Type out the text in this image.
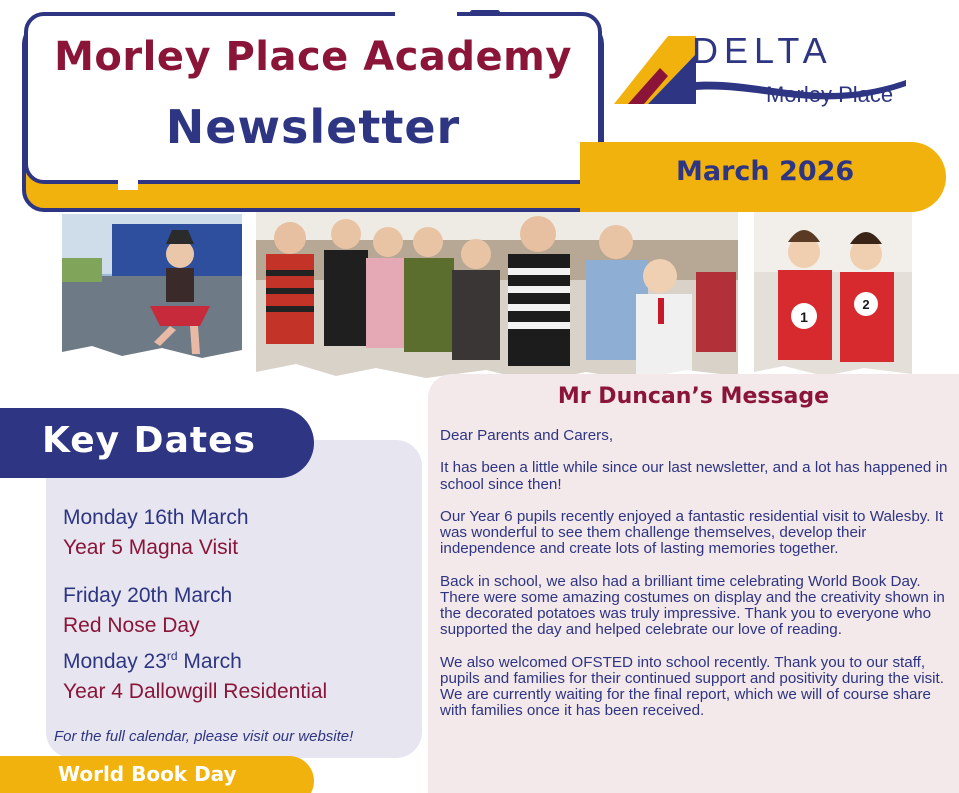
Morley Place Academy
Newsletter
DELTA
Morley Place
March 2026
1
2
Mr Duncan’s Message

Dear Parents and Carers,

It has been a little while since our last newsletter, and a lot has happened in school since then!

Our Year 6 pupils recently enjoyed a fantastic residential visit to Walesby. It was wonderful to see them challenge themselves, develop their independence and create lots of lasting memories together.

Back in school, we also had a brilliant time celebrating World Book Day. There were some amazing costumes on display and the creativity shown in the decorated potatoes was truly impressive. Thank you to everyone who supported the day and helped celebrate our love of reading.

We also welcomed OFSTED into school recently. Thank you to our staff, pupils and families for their continued support and positivity during the visit. We are currently waiting for the final report, which we will of course share with families once it has been received.

Key Dates
Monday 16th March
Year 5 Magna Visit
Friday 20th March
Red Nose Day
Monday 23rd March
Year 4 Dallowgill Residential
For the full calendar, please visit our website!
World Book Day
